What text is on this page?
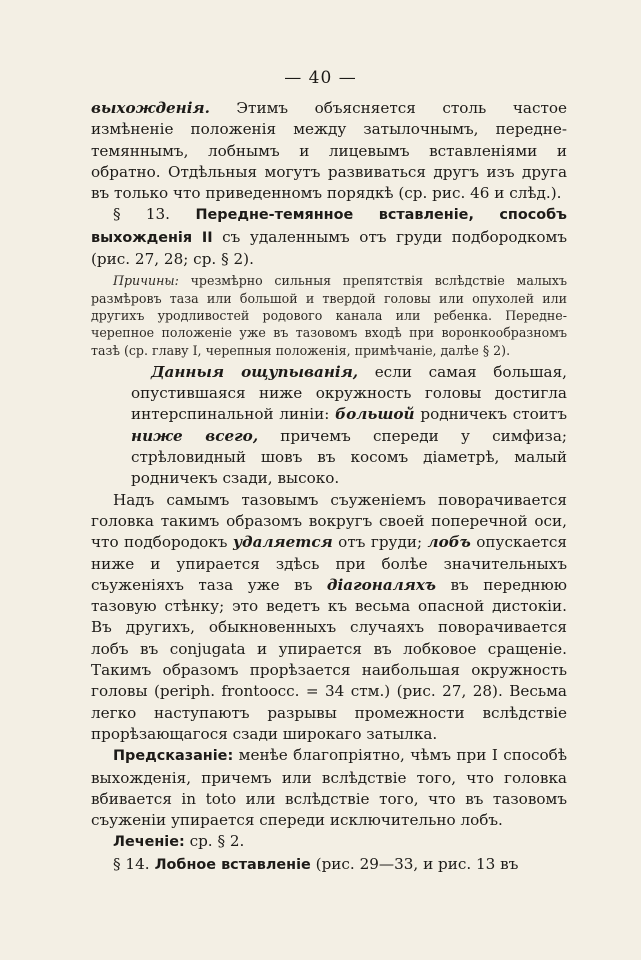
— 40 —

выхожденія. Этимъ объясняется столь частое измѣненіе положенія между затылочнымъ, передне-темяннымъ, лобнымъ и лицевымъ вставленіями и обратно. Отдѣльныя могутъ развиваться другъ изъ друга въ только что приведенномъ порядкѣ (ср. рис. 46 и слѣд.).

§ 13. Передне-темянное вставленіе, способъ выхожденія II съ удаленнымъ отъ груди подбородкомъ (рис. 27, 28; ср. § 2).

Причины: чрезмѣрно сильныя препятствія вслѣдствіе малыхъ размѣровъ таза или большой и твердой головы или опухолей или другихъ уродливостей родового канала или ребенка. Передне-черепное положеніе уже въ тазовомъ входѣ при воронкообразномъ тазѣ (ср. главу I, черепныя положенія, примѣчаніе, далѣе § 2).

Данныя ощупыванія, если самая большая, опустившаяся ниже окружность головы достигла интерспинальной линіи: большой родничекъ стоитъ ниже всего, причемъ спереди у симфиза; стрѣловидный шовъ въ косомъ діаметрѣ, малый родничекъ сзади, высоко.

Надъ самымъ тазовымъ съуженіемъ поворачивается головка такимъ образомъ вокругъ своей поперечной оси, что подбородокъ удаляется отъ груди; лобъ опускается ниже и упирается здѣсь при болѣе значительныхъ съуженіяхъ таза уже въ діагоналяхъ въ переднюю тазовую стѣнку; это ведетъ къ весьма опасной дистокіи. Въ другихъ, обыкновенныхъ случаяхъ поворачивается лобъ въ conjugata и упирается въ лобковое сращеніе. Такимъ образомъ прорѣзается наибольшая окружность головы (periph. frontoocc. = 34 стм.) (рис. 27, 28). Весьма легко наступаютъ разрывы промежности вслѣдствіе прорѣзающагося сзади широкаго затылка.

Предсказаніе: менѣе благопріятно, чѣмъ при I способѣ выхожденія, причемъ или вслѣдствіе того, что головка вбивается in toto или вслѣдствіе того, что въ тазовомъ съуженіи упирается спереди исключительно лобъ.

Леченіе: ср. § 2.

§ 14. Лобное вставленіе (рис. 29—33, и рис. 13 въ
